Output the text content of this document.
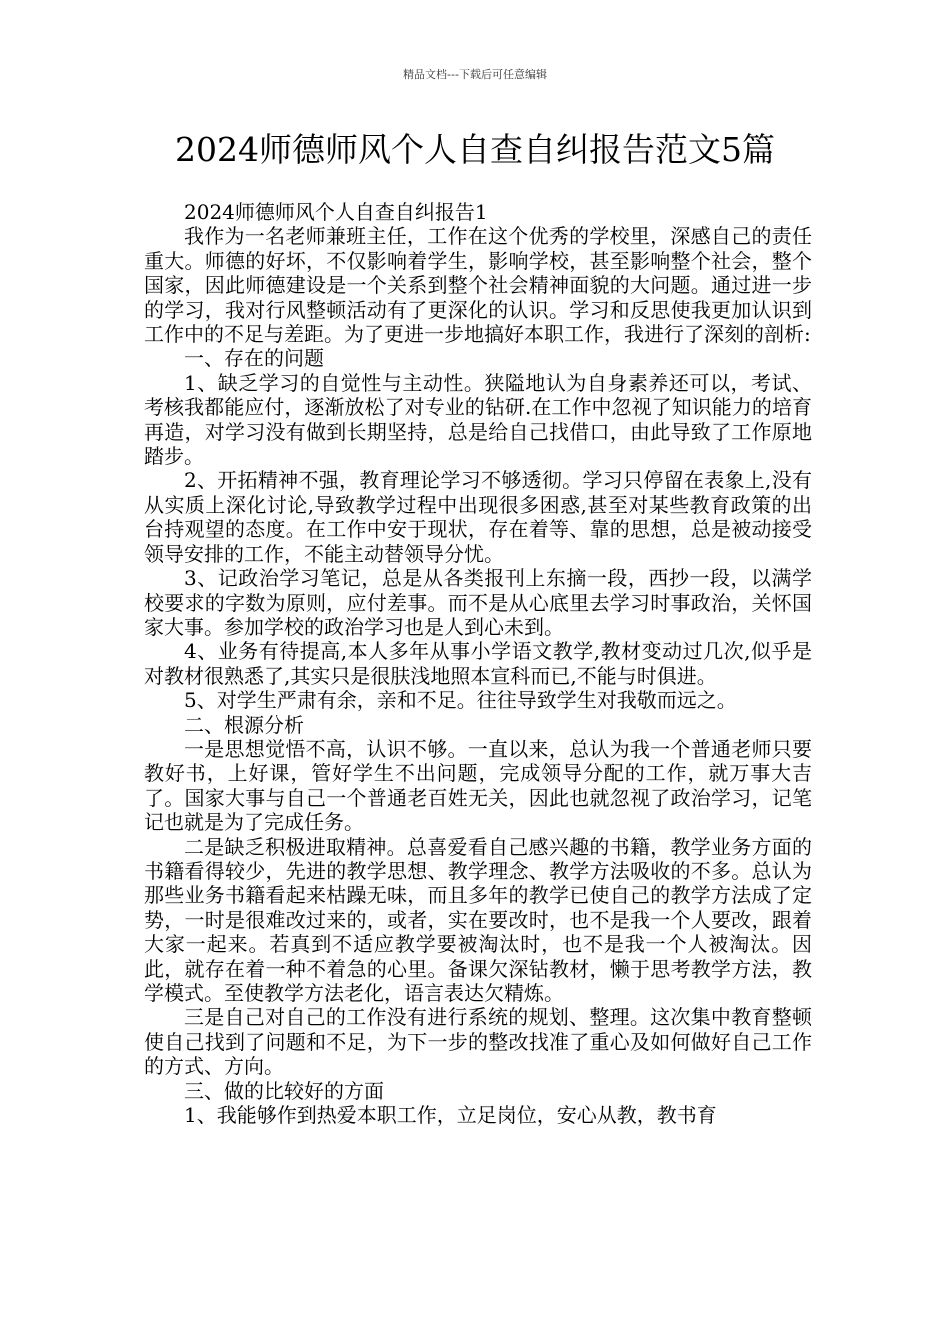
精品文档---下载后可任意编辑
2024师德师风个人自查自纠报告范文5篇

2024师德师风个人自查自纠报告1

我作为一名老师兼班主任，工作在这个优秀的学校里，深感自己的责任重大。师德的好坏，不仅影响着学生，影响学校，甚至影响整个社会，整个国家，因此师德建设是一个关系到整个社会精神面貌的大问题。通过进一步的学习，我对行风整顿活动有了更深化的认识。学习和反思使我更加认识到工作中的不足与差距。为了更进一步地搞好本职工作，我进行了深刻的剖析:

一、存在的问题

1、缺乏学习的自觉性与主动性。狭隘地认为自身素养还可以，考试、考核我都能应付，逐渐放松了对专业的钻研.在工作中忽视了知识能力的培育再造，对学习没有做到长期坚持，总是给自己找借口，由此导致了工作原地踏步。

2、开拓精神不强，教育理论学习不够透彻。学习只停留在表象上,没有从实质上深化讨论,导致教学过程中出现很多困惑,甚至对某些教育政策的出台持观望的态度。在工作中安于现状，存在着等、靠的思想，总是被动接受领导安排的工作，不能主动替领导分忧。

3、记政治学习笔记，总是从各类报刊上东摘一段，西抄一段，以满学校要求的字数为原则，应付差事。而不是从心底里去学习时事政治，关怀国家大事。参加学校的政治学习也是人到心未到。

4、业务有待提高,本人多年从事小学语文教学,教材变动过几次,似乎是对教材很熟悉了,其实只是很肤浅地照本宣科而已,不能与时俱进。

5、对学生严肃有余，亲和不足。往往导致学生对我敬而远之。

二、根源分析

一是思想觉悟不高，认识不够。一直以来，总认为我一个普通老师只要教好书，上好课，管好学生不出问题，完成领导分配的工作，就万事大吉了。国家大事与自己一个普通老百姓无关，因此也就忽视了政治学习，记笔记也就是为了完成任务。

二是缺乏积极进取精神。总喜爱看自己感兴趣的书籍，教学业务方面的书籍看得较少，先进的教学思想、教学理念、教学方法吸收的不多。总认为那些业务书籍看起来枯躁无味，而且多年的教学已使自己的教学方法成了定势，一时是很难改过来的，或者，实在要改时，也不是我一个人要改，跟着大家一起来。若真到不适应教学要被淘汰时，也不是我一个人被淘汰。因此，就存在着一种不着急的心里。备课欠深钻教材，懒于思考教学方法，教学模式。至使教学方法老化，语言表达欠精炼。

三是自己对自己的工作没有进行系统的规划、整理。这次集中教育整顿使自己找到了问题和不足，为下一步的整改找准了重心及如何做好自己工作的方式、方向。

三、做的比较好的方面

1、我能够作到热爱本职工作，立足岗位，安心从教，教书育
